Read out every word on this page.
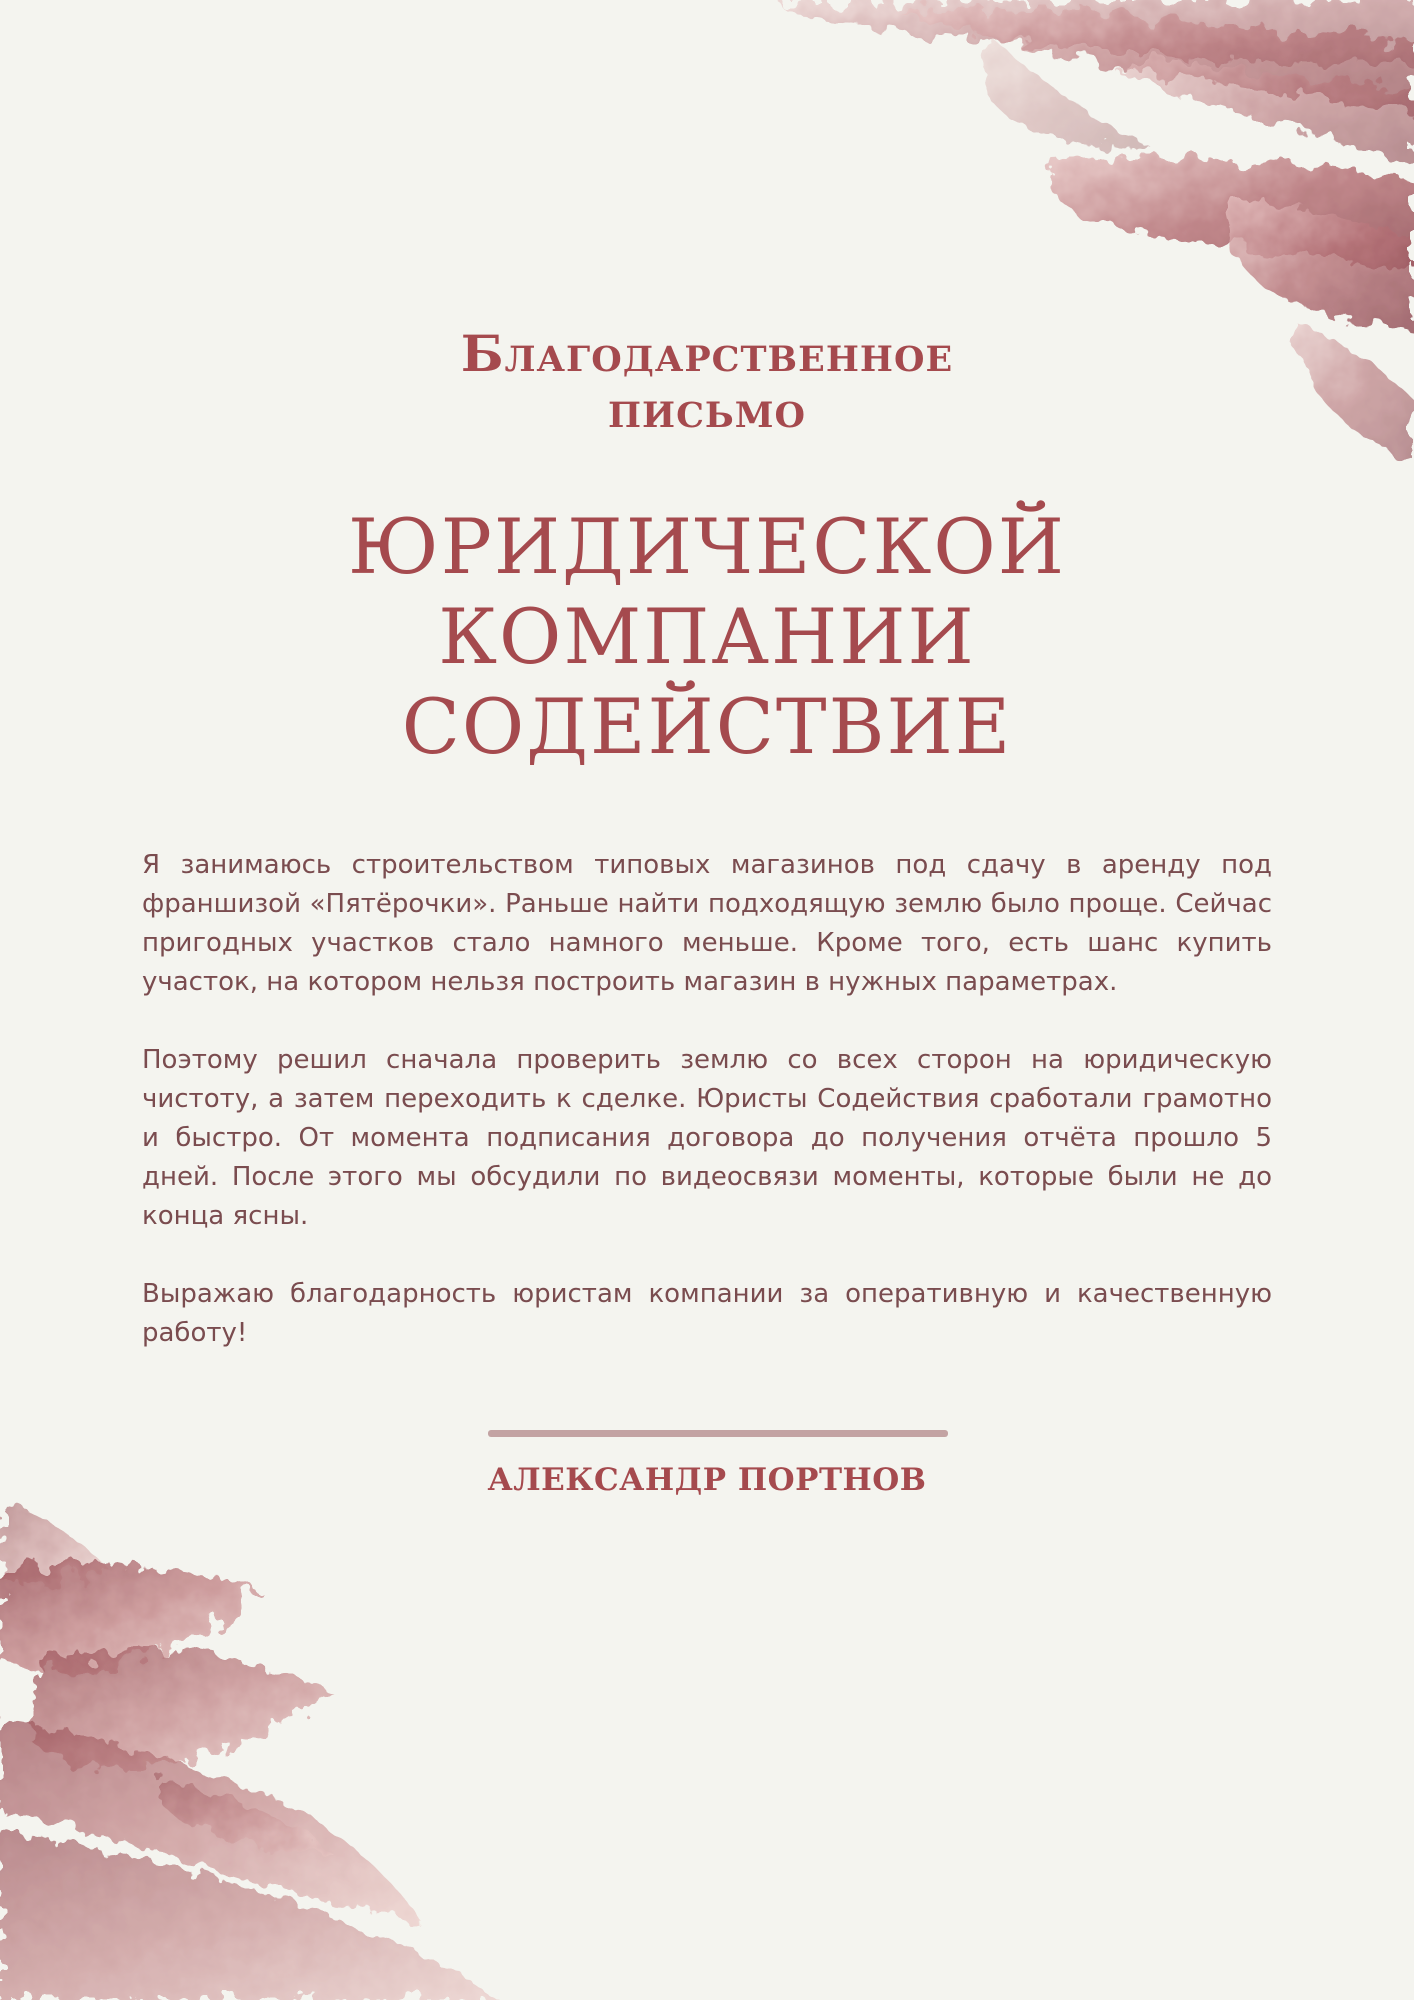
Благодарственное
письмо
ЮРИДИЧЕСКОЙ
КОМПАНИИ
СОДЕЙСТВИЕ

Я занимаюсь строительством типовых магазинов под сдачу в аренду под франшизой «Пятёрочки». Раньше найти подходящую землю было проще. Сейчас пригодных участков стало намного меньше. Кроме того, есть шанс купить участок, на котором нельзя построить магазин в нужных параметрах.

Поэтому решил сначала проверить землю со всех сторон на юридическую чистоту, а затем переходить к сделке. Юристы Содействия сработали грамотно и быстро. От момента подписания договора до получения отчёта прошло 5 дней. После этого мы обсудили по видеосвязи моменты, которые были не до конца ясны.

Выражаю благодарность юристам компании за оперативную и качественную работу!

АЛЕКСАНДР ПОРТНОВ
